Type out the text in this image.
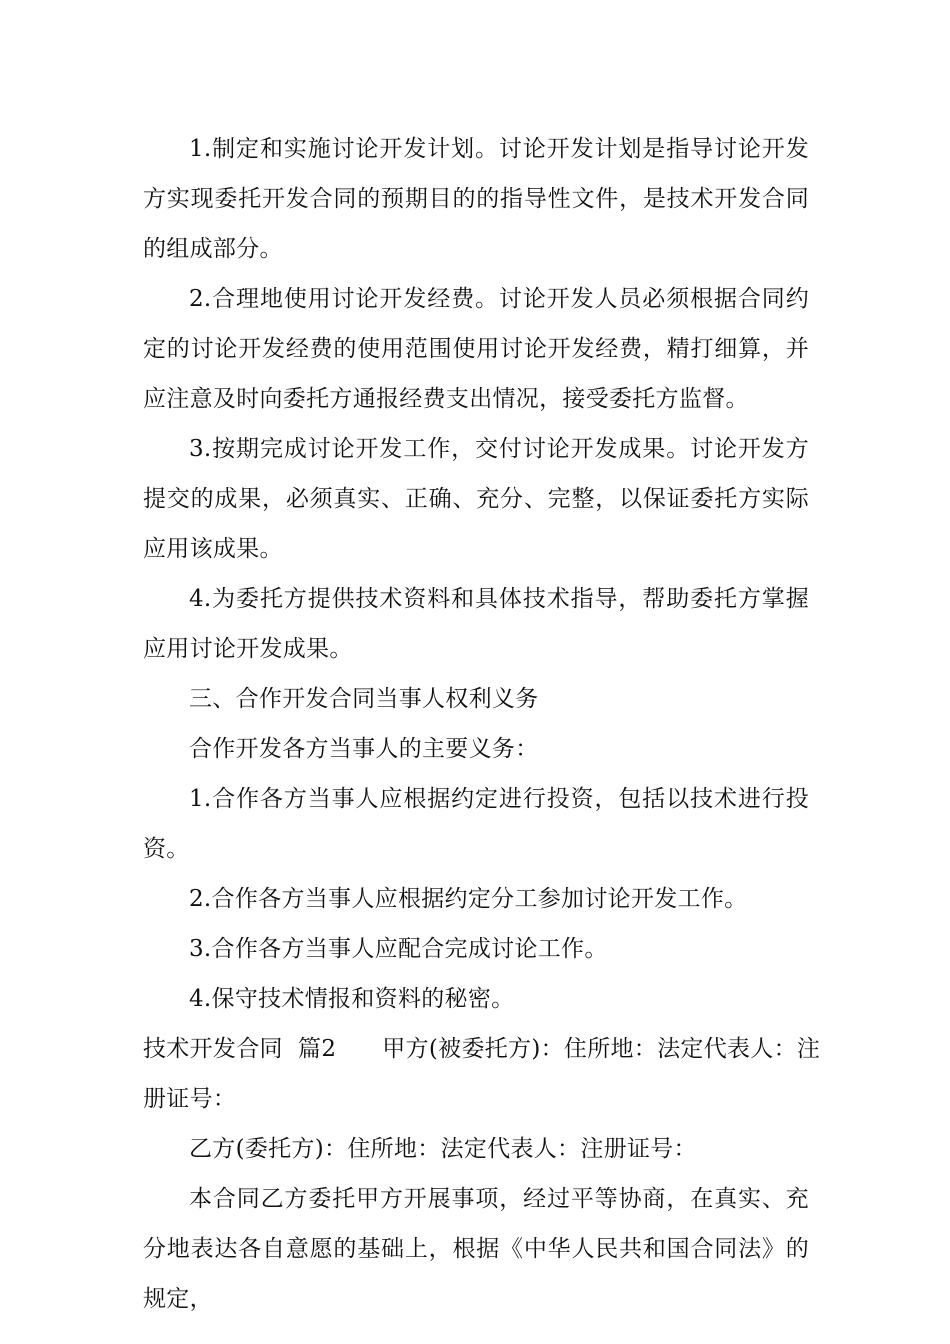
1.制定和实施讨论开发计划。讨论开发计划是指导讨论开发方实现委托开发合同的预期目的的指导性文件，是技术开发合同的组成部分。

2.合理地使用讨论开发经费。讨论开发人员必须根据合同约定的讨论开发经费的使用范围使用讨论开发经费，精打细算，并应注意及时向委托方通报经费支出情况，接受委托方监督。

3.按期完成讨论开发工作，交付讨论开发成果。讨论开发方提交的成果，必须真实、正确、充分、完整，以保证委托方实际应用该成果。

4.为委托方提供技术资料和具体技术指导，帮助委托方掌握应用讨论开发成果。

三、合作开发合同当事人权利义务

合作开发各方当事人的主要义务：

1.合作各方当事人应根据约定进行投资，包括以技术进行投资。

2.合作各方当事人应根据约定分工参加讨论开发工作。

3.合作各方当事人应配合完成讨论工作。

4.保守技术情报和资料的秘密。

技术开发合同  篇2 甲方(被委托方)：住所地：法定代表人：注
册证号：

乙方(委托方)：住所地：法定代表人：注册证号：

本合同乙方委托甲方开展事项，经过平等协商，在真实、充分地表达各自意愿的基础上，根据《中华人民共和国合同法》的规定，
